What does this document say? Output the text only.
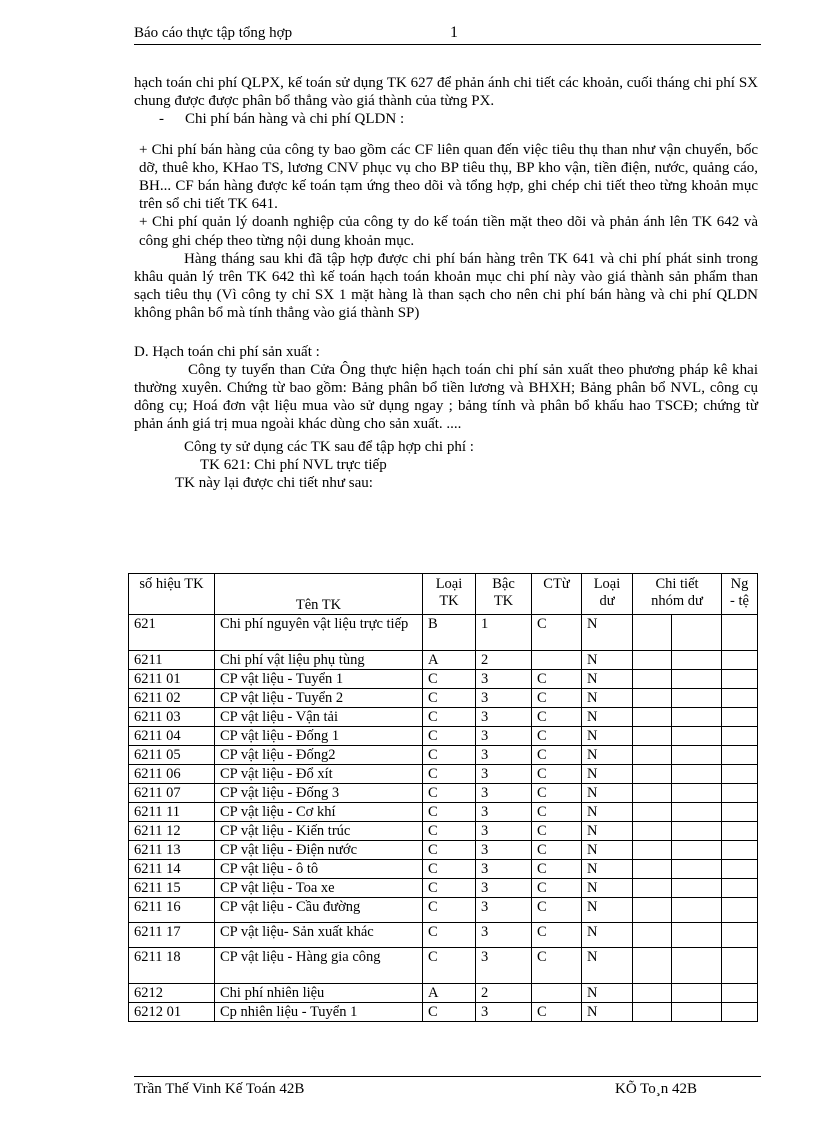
Báo cáo thực tập tổng hợp	1

hạch toán chi phí QLPX, kế toán sử dụng TK 627 để phản ánh chi tiết các khoản, cuối tháng chi phí SX chung được được phân bổ thẳng vào giá thành của từng PX.

- Chi phí bán hàng và chi phí QLDN :

+ Chi phí bán hàng của công ty bao gồm các CF liên quan đến việc tiêu thụ than như vận chuyển, bốc dỡ, thuê kho, KHao TS, lương CNV phục vụ cho BP tiêu thụ, BP kho vận, tiền điện, nước, quảng cáo, BH... CF bán hàng được kế toán tạm ứng theo dõi và tổng hợp, ghi chép chi tiết theo từng khoản mục trên sổ chi tiết TK 641.

+ Chi phí quản lý doanh nghiệp của công ty do kế toán tiền mặt theo dõi và phản ánh lên TK 642 và công ghi chép theo từng nội dung khoản mục.

Hàng tháng sau khi đã tập hợp được chi phí bán hàng trên TK 641 và chi phí phát sinh trong khâu quản lý trên TK 642 thì kế toán hạch toán khoản mục chi phí này vào giá thành sản phẩm than sạch tiêu thụ (Vì công ty chỉ SX 1 mặt hàng là than sạch cho nên chi phí bán hàng và chi phí QLDN không phân bổ mà tính thẳng vào giá thành SP)

D. Hạch toán chi phí sản xuất :

Công ty tuyển than Cửa Ông thực hiện hạch toán chi phí sản xuất theo phương pháp kê khai thường xuyên. Chứng từ bao gồm: Bảng phân bổ tiền lương và BHXH; Bảng phân bổ NVL, công cụ dông cụ; Hoá đơn vật liệu mua vào sử dụng ngay ; bảng tính và phân bổ khấu hao TSCĐ; chứng từ phản ánh giá trị mua ngoài khác dùng cho sản xuất. ....

Công ty sử dụng các TK sau để tập hợp chi phí :

TK 621: Chi phí NVL trực tiếp

TK này lại được chi tiết như sau:

số hiệu TK	Tên TK	Loại TK	Bậc TK	CTừ	Loại dư	Chi tiết nhóm dư		Ng - tệ
621	Chi phí nguyên vật liệu trực tiếp	B	1	C	N			
6211	Chi phí vật liệu phụ tùng	A	2		N			
6211 01	CP vật liệu - Tuyển 1	C	3	C	N			
6211 02	CP vật liệu - Tuyển 2	C	3	C	N			
6211 03	CP vật liệu - Vận tải	C	3	C	N			
6211 04	CP vật liệu - Đống 1	C	3	C	N			
6211 05	CP vật liệu - Đống2	C	3	C	N			
6211 06	CP vật liệu - Đổ xít	C	3	C	N			
6211 07	CP vật liệu - Đống 3	C	3	C	N			
6211 11	CP vật liệu - Cơ khí	C	3	C	N			
6211 12	CP vật liệu - Kiến trúc	C	3	C	N			
6211 13	CP vật liệu - Điện nước	C	3	C	N			
6211 14	CP vật liệu - ô tô	C	3	C	N			
6211 15	CP vật liệu - Toa xe	C	3	C	N			
6211 16	CP vật liệu - Cầu đường	C	3	C	N			
6211 17	CP vật liệu- Sản xuất khác	C	3	C	N			
6211 18	CP vật liệu - Hàng gia công	C	3	C	N			
6212	Chi phí nhiên liệu	A	2		N			
6212 01	Cp nhiên liệu - Tuyển 1	C	3	C	N			
Trần Thế Vinh Kế Toán 42B	KÕ To¸n 42B
